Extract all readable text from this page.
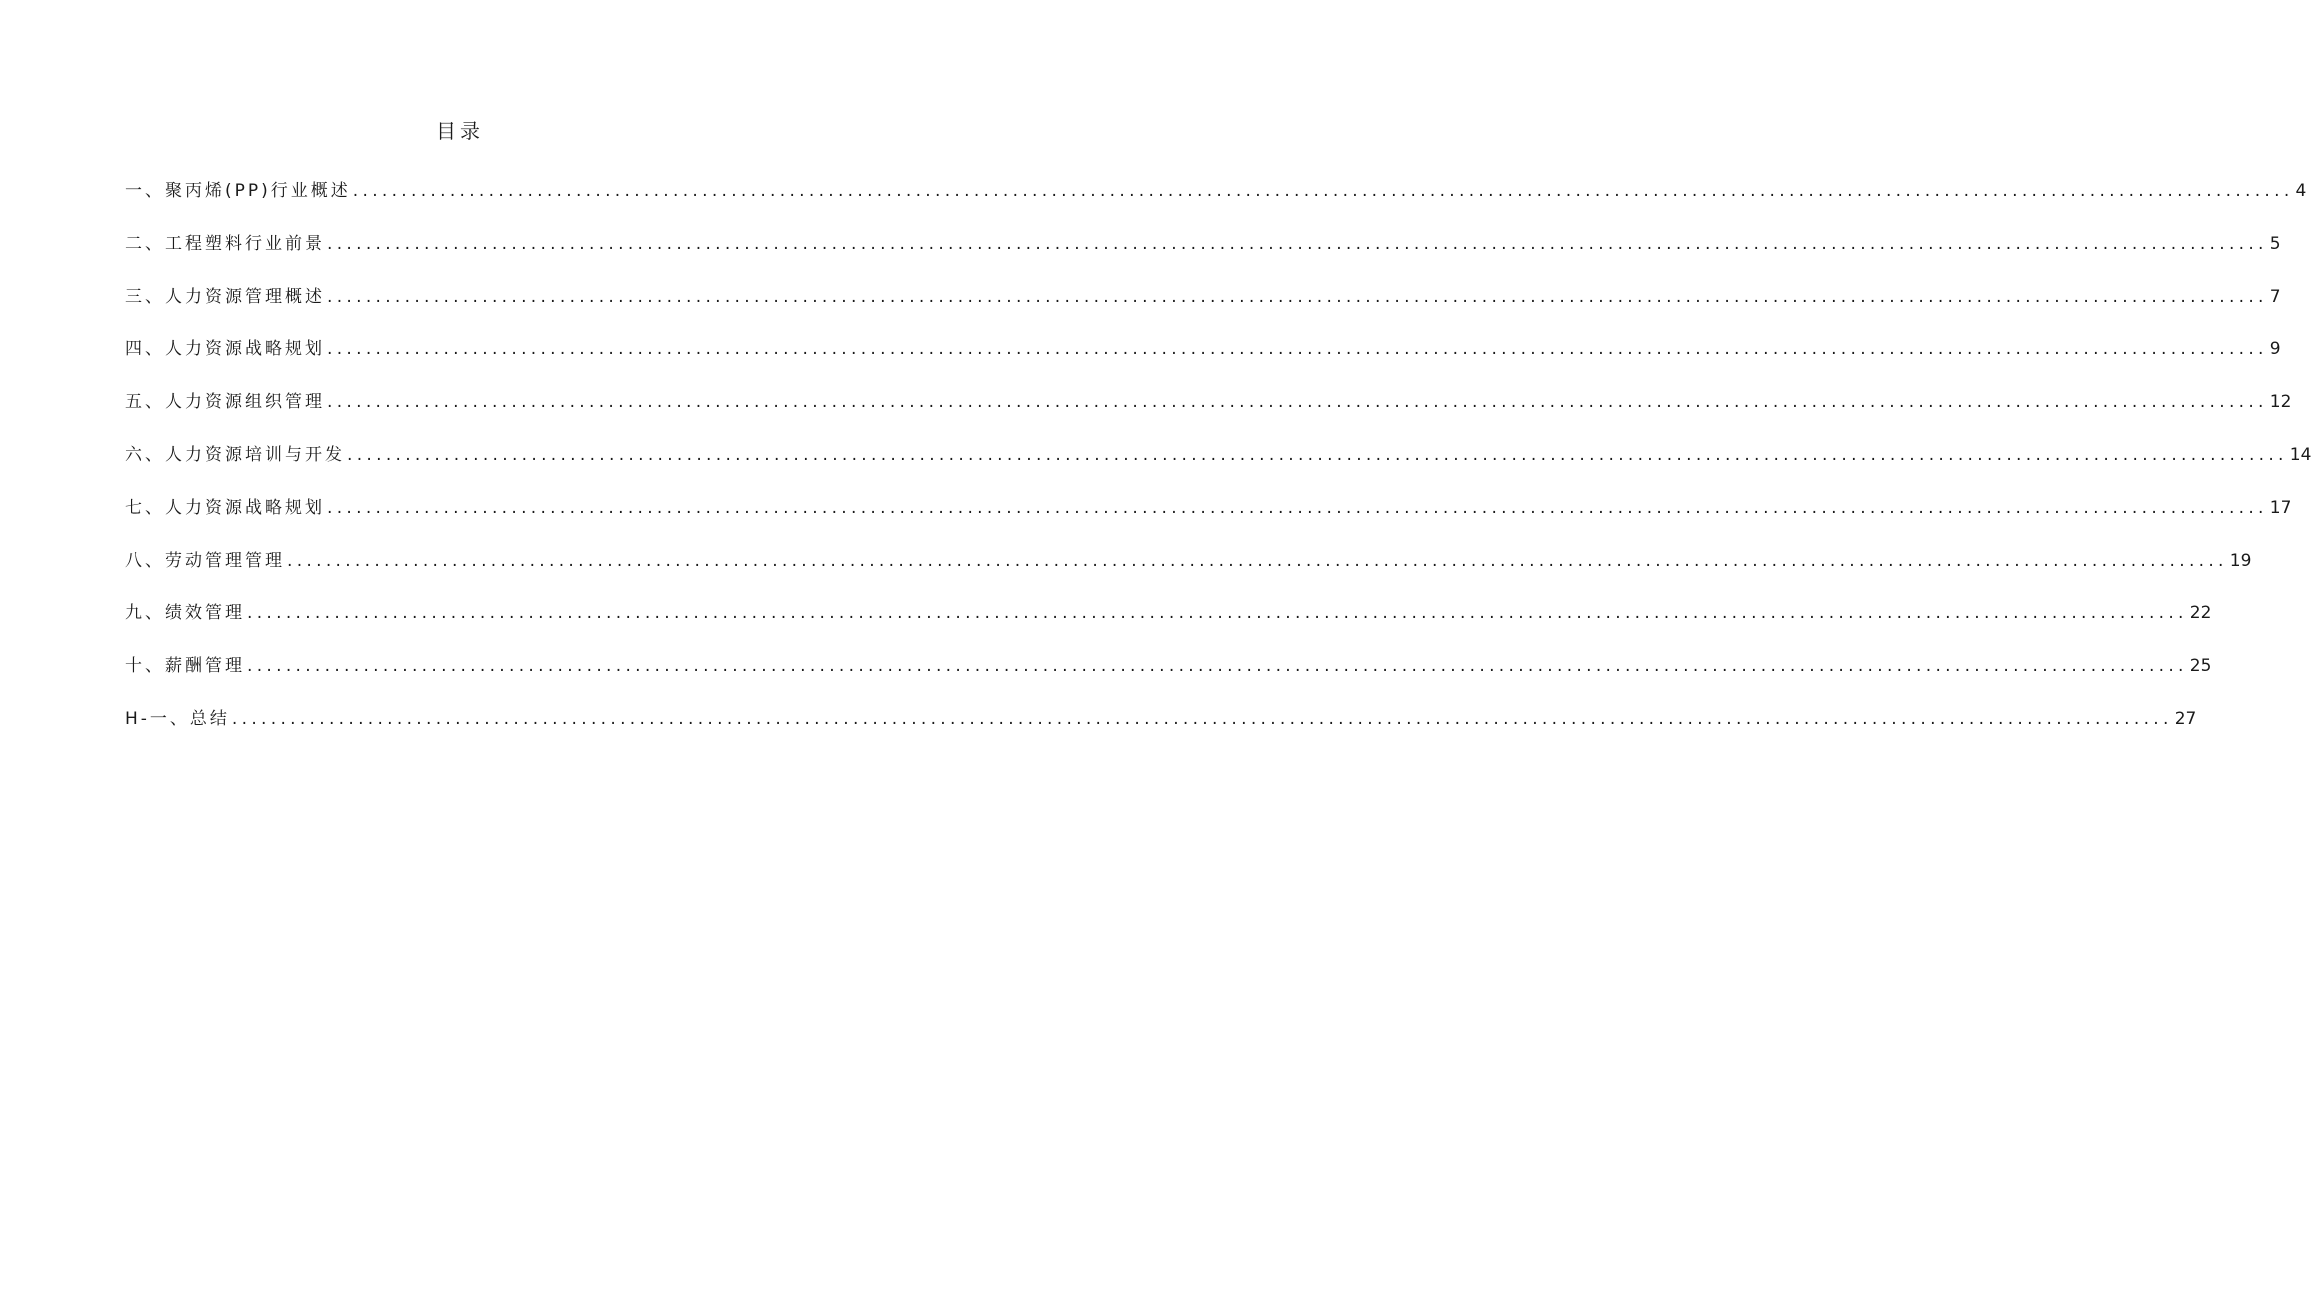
目录
一、聚丙烯(PP)行业概述 ........................................................................................................................................................................................................ 4
二、工程塑料行业前景 ........................................................................................................................................................................................................ 5
三、人力资源管理概述 ........................................................................................................................................................................................................ 7
四、人力资源战略规划 ........................................................................................................................................................................................................ 9
五、人力资源组织管理 ........................................................................................................................................................................................................ 12
六、人力资源培训与开发 ........................................................................................................................................................................................................ 14
七、人力资源战略规划 ........................................................................................................................................................................................................ 17
八、劳动管理管理 ........................................................................................................................................................................................................ 19
九、绩效管理 ........................................................................................................................................................................................................ 22
十、薪酬管理 ........................................................................................................................................................................................................ 25
H-一、总结 ........................................................................................................................................................................................................ 27
